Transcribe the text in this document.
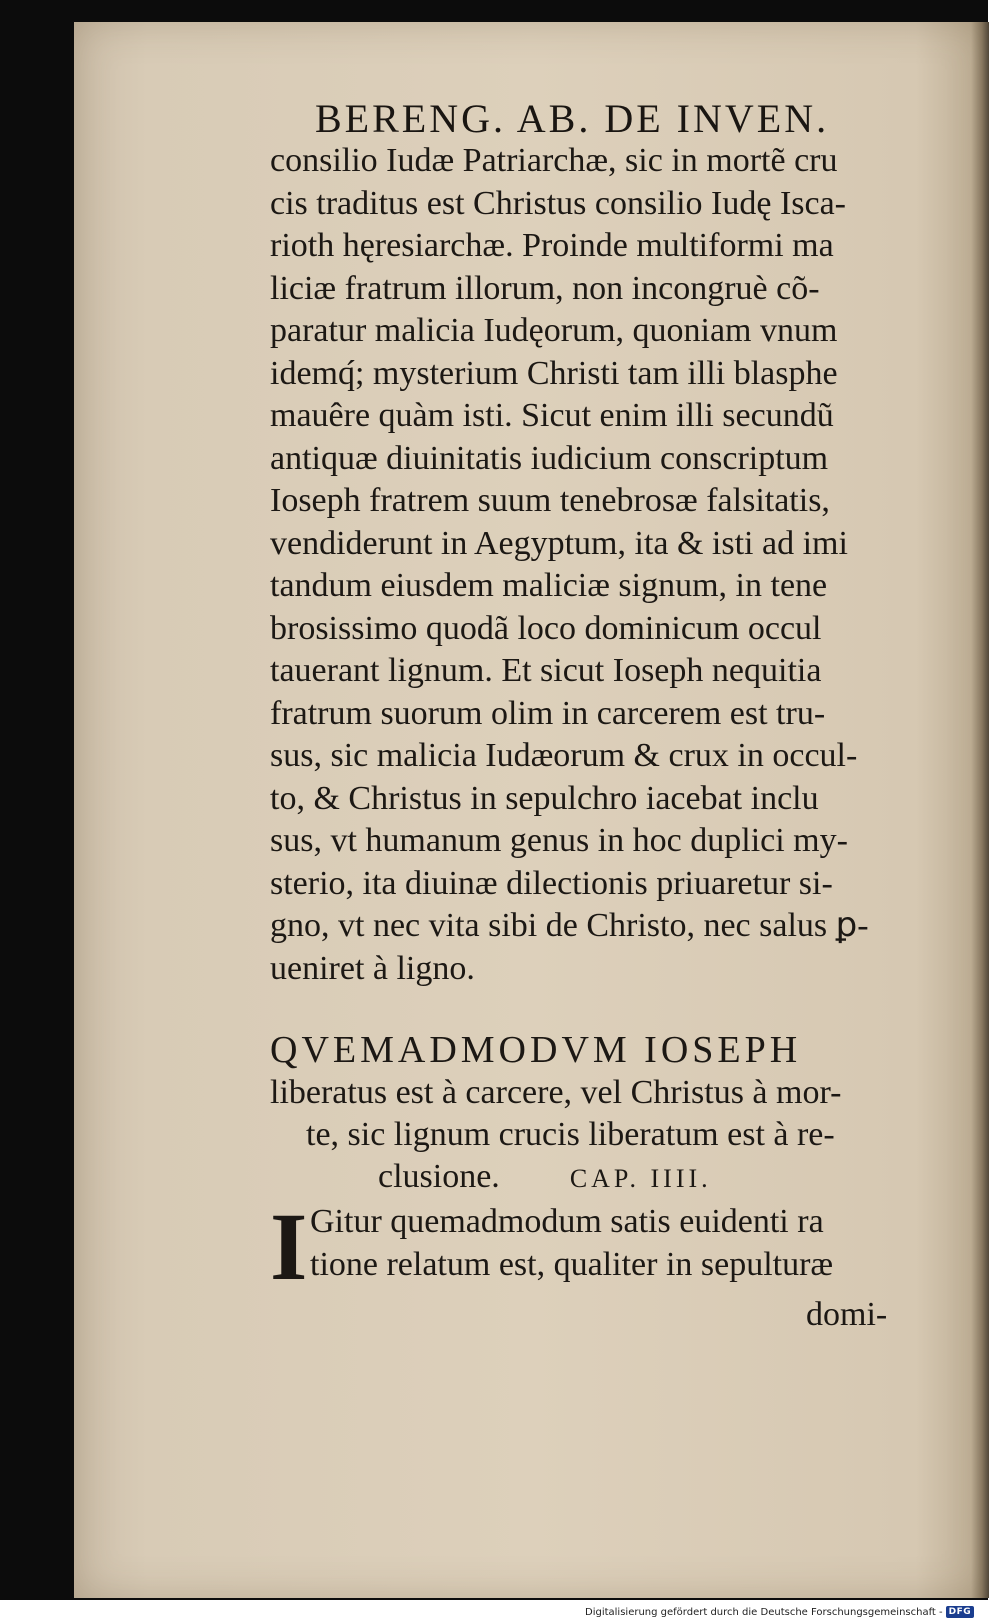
BERENG. AB. DE INVEN.
consilio Iudæ Patriarchæ, sic in mortẽ cru
cis traditus est Christus consilio Iudę Isca-
rioth hęresiarchæ. Proinde multiformi ma
liciæ fratrum illorum, non incongruè cõ-
paratur malicia Iudęorum, quoniam vnum
idemq́; mysterium Christi tam illi blasphe
mauêre quàm isti. Sicut enim illi secundũ
antiquæ diuinitatis iudicium conscriptum
Ioseph fratrem suum tenebrosæ falsitatis,
vendiderunt in Aegyptum, ita & isti ad imi
tandum eiusdem maliciæ signum, in tene
brosissimo quodã loco dominicum occul
tauerant lignum. Et sicut Ioseph nequitia
fratrum suorum olim in carcerem est tru-
sus, sic malicia Iudæorum & crux in occul-
to, & Christus in sepulchro iacebat inclu
sus, vt humanum genus in hoc duplici my-
sterio, ita diuinæ dilectionis priuaretur si-
gno, vt nec vita sibi de Christo, nec salus ꝑ-
ueniret à ligno.
QVEMADMODVM IOSEPH
liberatus est à carcere, vel Christus à mor-
te, sic lignum crucis liberatum est à re-
clusione.	CAP. IIII.
I Gitur quemadmodum satis euidenti ra
tione relatum est, qualiter in sepulturæ
domi-
Digitalisierung gefördert durch die Deutsche Forschungsgemeinschaft - DFG
